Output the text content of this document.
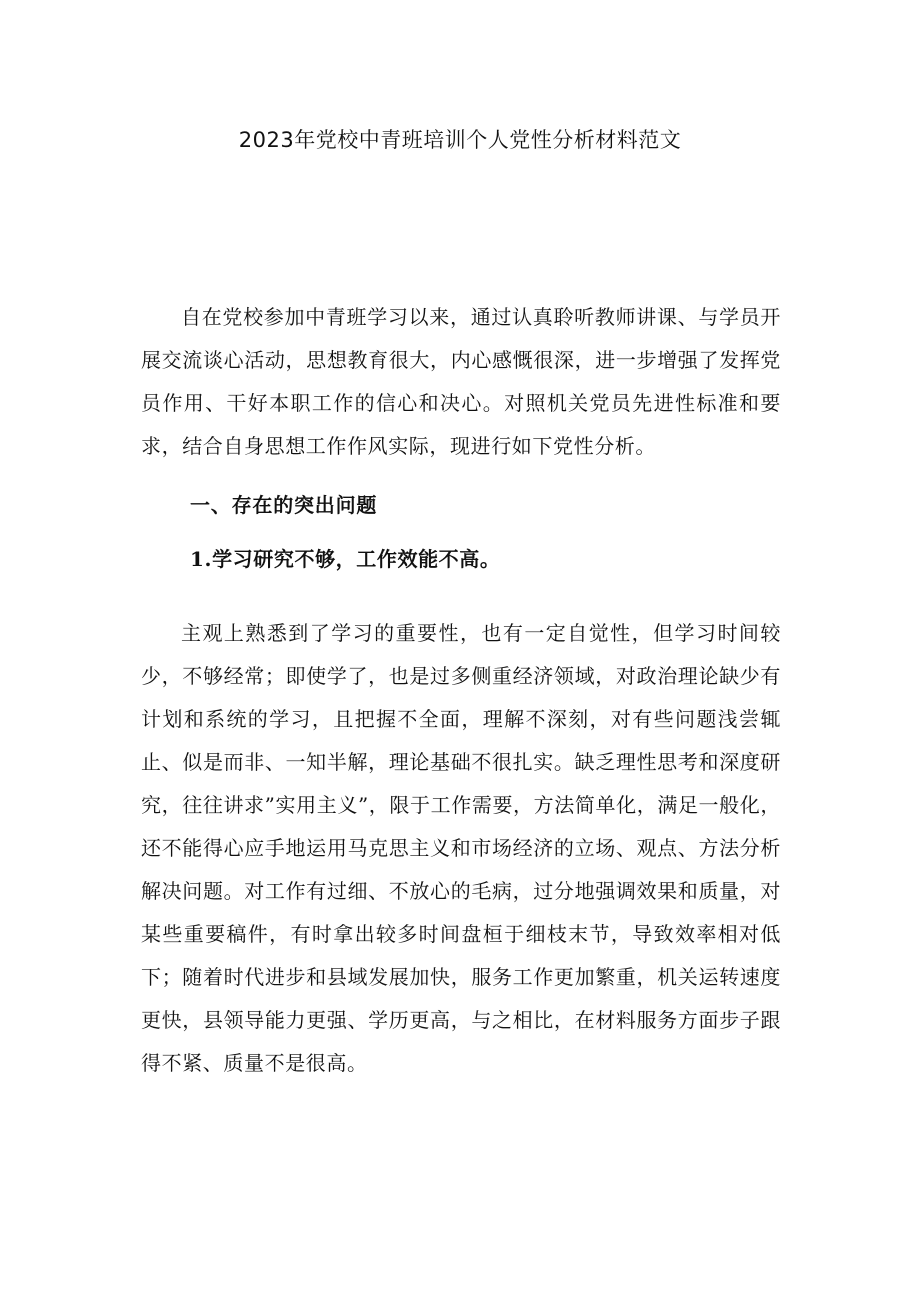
2023年党校中青班培训个人党性分析材料范文

自在党校参加中青班学习以来，通过认真聆听教师讲课、与学员开展交流谈心活动，思想教育很大，内心感慨很深，进一步增强了发挥党员作用、干好本职工作的信心和决心。对照机关党员先进性标准和要求，结合自身思想工作作风实际，现进行如下党性分析。

一、存在的突出问题
1.学习研究不够，工作效能不高。

主观上熟悉到了学习的重要性，也有一定自觉性，但学习时间较少，不够经常；即使学了，也是过多侧重经济领域，对政治理论缺少有计划和系统的学习，且把握不全面，理解不深刻，对有些问题浅尝辄止、似是而非、一知半解，理论基础不很扎实。缺乏理性思考和深度研究，往往讲求”实用主义”，限于工作需要，方法简单化，满足一般化，还不能得心应手地运用马克思主义和市场经济的立场、观点、方法分析解决问题。对工作有过细、不放心的毛病，过分地强调效果和质量，对某些重要稿件，有时拿出较多时间盘桓于细枝末节，导致效率相对低下；随着时代进步和县域发展加快，服务工作更加繁重，机关运转速度更快，县领导能力更强、学历更高，与之相比，在材料服务方面步子跟得不紧、质量不是很高。
